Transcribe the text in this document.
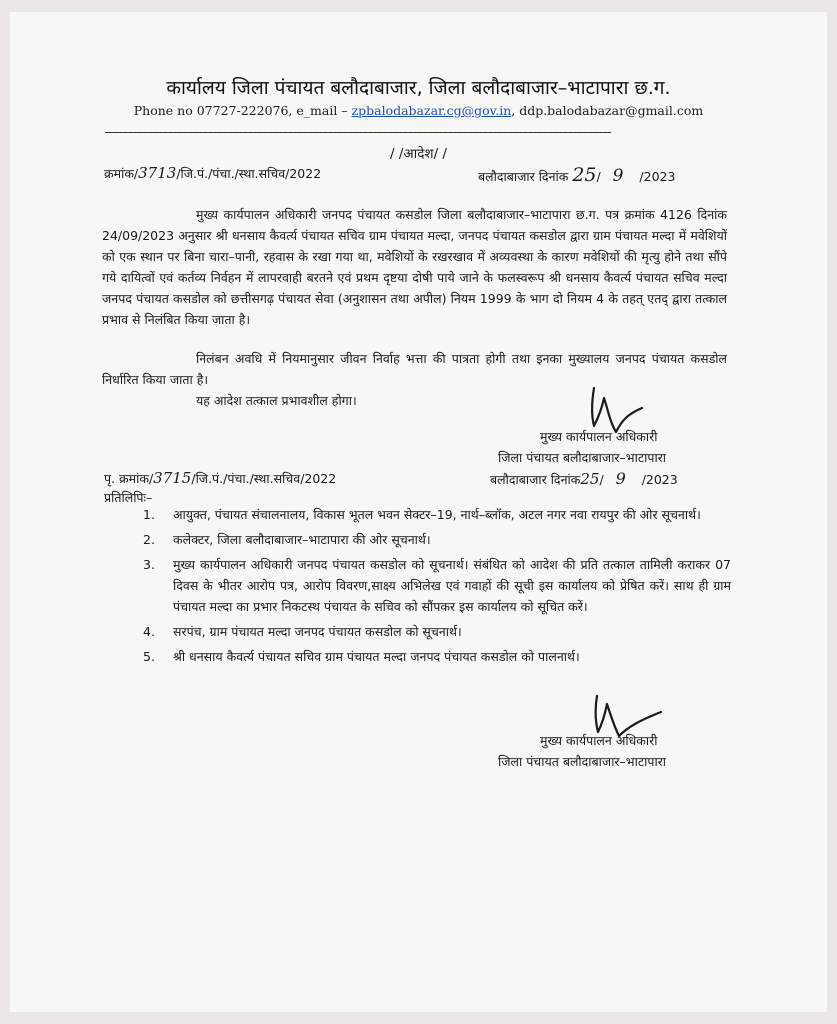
कार्यालय जिला पंचायत बलौदाबाजार, जिला बलौदाबाजार–भाटापारा छ.ग.
Phone no 07727-222076, e_mail – zpbalodabazar.cg@gov.in, ddp.balodabazar@gmail.com
_____________________________________________________________________________________________________
/ /आदेश/ /
क्रमांक/3713/जि.पं./पंचा./स्था.सचिव/2022	बलौदाबाजार दिनांक 25/   9 /2023
मुख्य कार्यपालन अधिकारी जनपद पंचायत कसडोल जिला बलौदाबाजार–भाटापारा छ.ग. पत्र क्रमांक 4126 दिनांक 24/09/2023 अनुसार श्री धनसाय कैवर्त्य पंचायत सचिव ग्राम पंचायत मल्दा, जनपद पंचायत कसडोल द्वारा ग्राम पंचायत मल्दा में मवेशियों को एक स्थान पर बिना चारा–पानी, रहवास के रखा गया था, मवेशियों के रखरखाव में अव्यवस्था के कारण मवेशियों की मृत्यु होने तथा सौंपे गये दायित्वों एवं कर्तव्य निर्वहन में लापरवाही बरतने एवं प्रथम दृष्टया दोषी पाये जाने के फलस्वरूप श्री धनसाय कैवर्त्य पंचायत सचिव मल्दा जनपद पंचायत कसडोल को छत्तीसगढ़ पंचायत सेवा (अनुशासन तथा अपील) नियम 1999 के भाग दो नियम 4 के तहत् एतद् द्वारा तत्काल प्रभाव से निलंबित किया जाता है।
निलंबन अवधि में नियमानुसार जीवन निर्वाह भत्ता की पात्रता होगी तथा इनका मुख्यालय जनपद पंचायत कसडोल निर्धारित किया जाता है।
यह आदेश तत्काल प्रभावशील होगा।
मुख्य कार्यपालन अधिकारी
जिला पंचायत बलौदाबाजार–भाटापारा
पृ. क्रमांक/3715/जि.पं./पंचा./स्था.सचिव/2022	बलौदाबाजार दिनांक25/   9 /2023
प्रतिलिपिः–
1. आयुक्त, पंचायत संचालनालय, विकास भूतल भवन सेक्टर–19, नार्थ–ब्लॉक, अटल नगर नवा रायपुर की ओर सूचनार्थ।
2. कलेक्टर, जिला बलौदाबाजार–भाटापारा की ओर सूचनार्थ।
3. मुख्य कार्यपालन अधिकारी जनपद पंचायत कसडोल को सूचनार्थ। संबंधित को आदेश की प्रति तत्काल तामिली कराकर 07 दिवस के भीतर आरोप पत्र, आरोप विवरण,साक्ष्य अभिलेख एवं गवाहों की सूची इस कार्यालय को प्रेषित करें। साथ ही ग्राम पंचायत मल्दा का प्रभार निकटस्थ पंचायत के सचिव को सौंपकर इस कार्यालय को सूचित करें।
4. सरपंच, ग्राम पंचायत मल्दा जनपद पंचायत कसडोल को सूचनार्थ।
5. श्री धनसाय कैवर्त्य पंचायत सचिव ग्राम पंचायत मल्दा जनपद पंचायत कसडोल को पालनार्थ।
मुख्य कार्यपालन अधिकारी
जिला पंचायत बलौदाबाजार–भाटापारा
